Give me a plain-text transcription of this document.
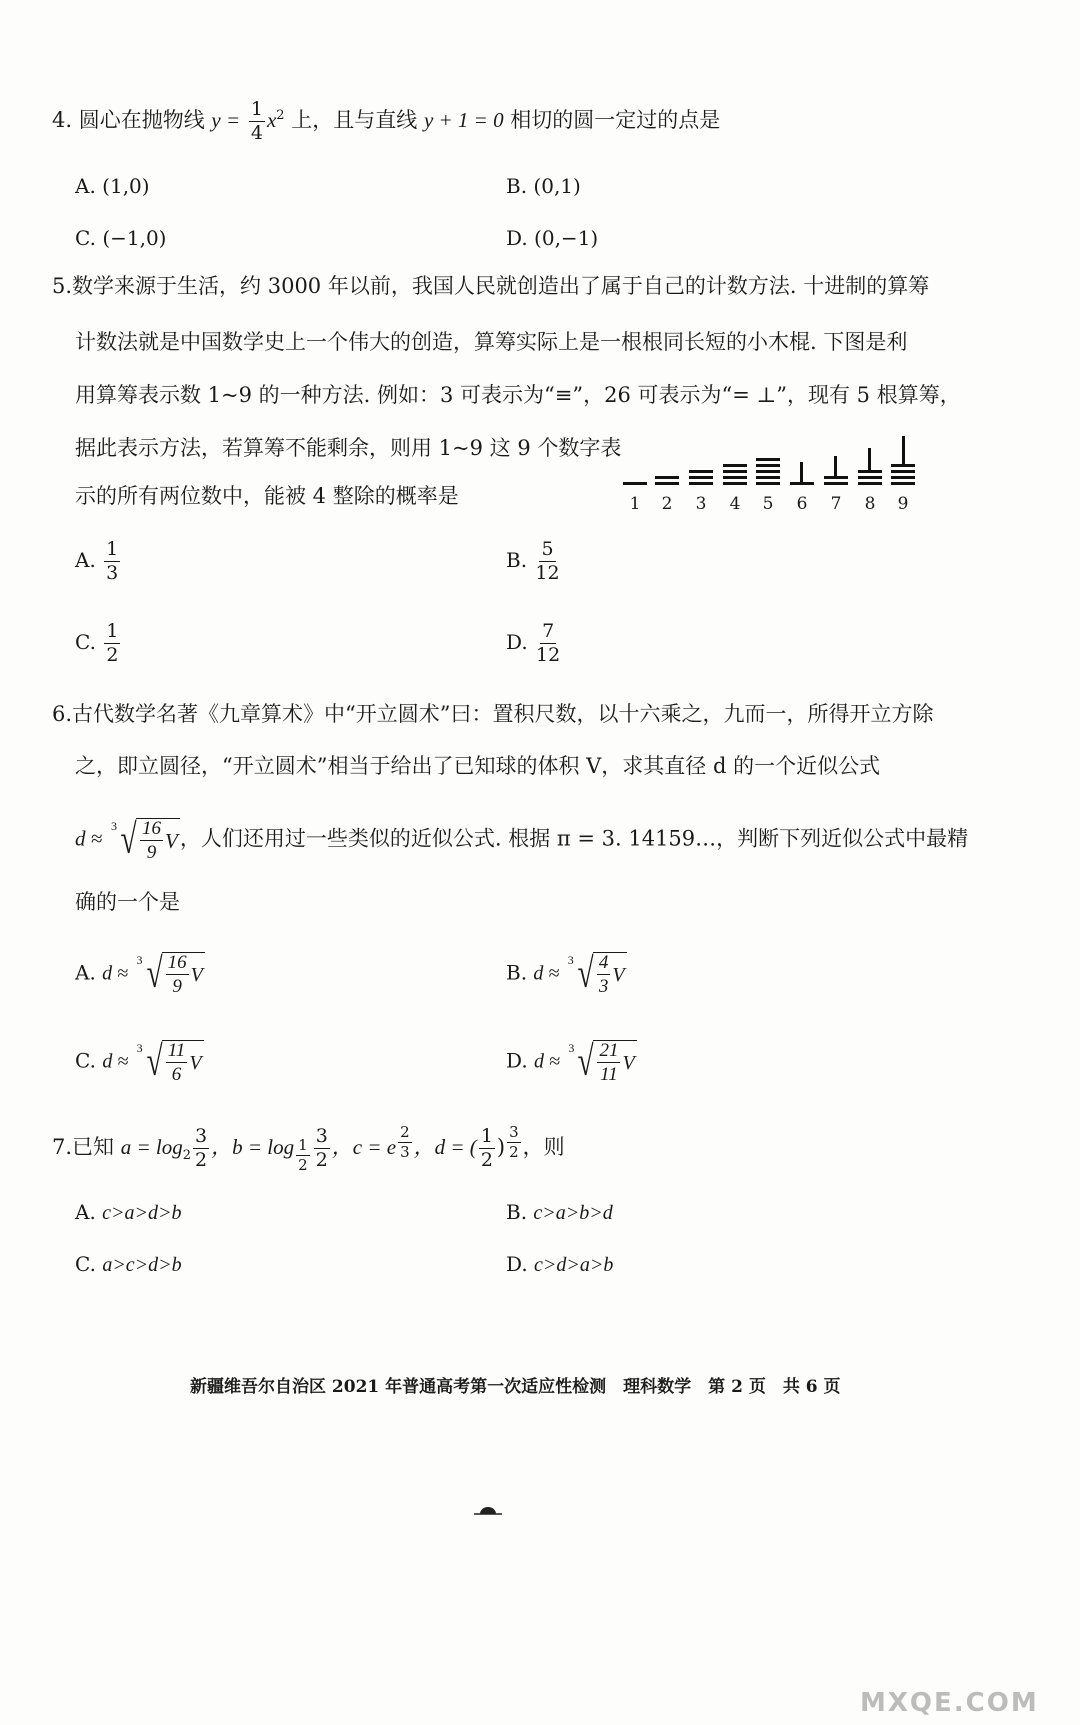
4. 圆心在抛物线 $y = \frac{1}{4} x^2$ 上，且与直线 y + 1 = 0 相切的圆一定过的点是
A. (1,0)	B. (0,1)
C. (−1,0)	D. (0,−1)
5.数学来源于生活，约 3000 年以前，我国人民就创造出了属于自己的计数方法. 十进制的算筹
计数法就是中国数学史上一个伟大的创造，算筹实际上是一根根同长短的小木棍. 下图是利
用算筹表示数 1~9 的一种方法. 例如：3 可表示为“≡”，26 可表示为“= ⊥”，现有 5 根算筹，
据此表示方法，若算筹不能剩余，则用 1~9 这 9 个数字表
示的所有两位数中，能被 4 整除的概率是	1 2 3 4 5 6 7 8 9
A. $\frac{1}{3}$	B. $\frac{5}{12}$
C. $\frac{1}{2}$	D. $\frac{7}{12}$
6.古代数学名著《九章算术》中“开立圆术”曰：置积尺数，以十六乘之，九而一，所得开立方除
之，即立圆径，“开立圆术”相当于给出了已知球的体积 V，求其直径 d 的一个近似公式
d ≈
3 √ $\frac{16}{9}$ V ，人们还用过一些类似的近似公式. 根据 π = 3. 14159…，判断下列近似公式中最精
确的一个是
A. d ≈
3 √ $\frac{16}{9}$ V	B. d ≈
3 √ $\frac{4}{3}$ V
C. d ≈
3 √ $\frac{11}{6}$ V	D. d ≈
3 √ $\frac{21}{11}$ V
7.已知 $a = \log_2 \frac{3}{2}$ ，$b = \log _{\frac{1}{2}} \frac{3}{2}$ ，c = e $^{\frac{2}{3}}$ ，d = ( $\frac{1}{2}$ ) $^{\frac{3}{2}}$ ，则
A. c>a>d>b	B. c>a>b>d
C. a>c>d>b	D. c>d>a>b
新疆维吾尔自治区 2021 年普通高考第一次适应性检测　理科数学　第 2 页　共 6 页
MXQE.COM
